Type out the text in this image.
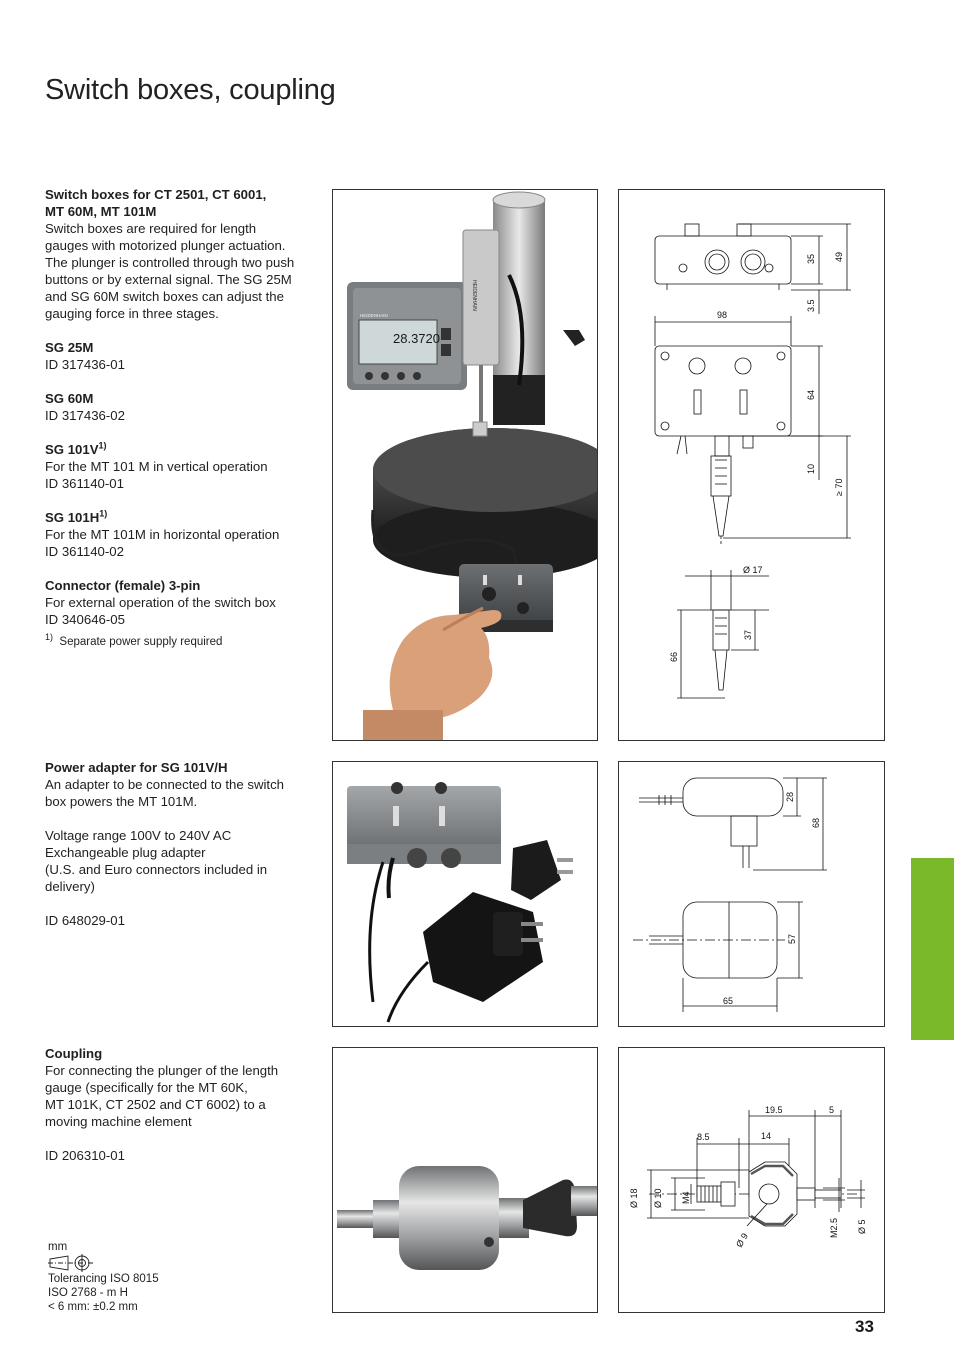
Switch boxes, coupling

Switch boxes for CT 2501, CT 6001,

MT 60M, MT 101M

Switch boxes are required for length

gauges with motorized plunger actuation.

The plunger is controlled through two push

buttons or by external signal. The SG 25M

and SG 60M switch boxes can adjust the

gauging force in three stages.

SG 25M

ID 317436-01

SG 60M

ID 317436-02

SG $101V^{1)}$

For the MT 101 M in vertical operation

ID 361140-01

SG $101H^{1)}$

For the MT 101M in horizontal operation

ID 361140-02

Connector (female) 3-pin

For external operation of the switch box

ID 340646-05

$^{1)}$ Separate power supply required

28.3720
HEIDENHAIN
HEIDENHAIN
35 49
3.5
98
64
10
≥ 70
Ø 17
37
66

Power adapter for SG 101V/H

An adapter to be connected to the switch

box powers the MT 101M.

Voltage range 100V to 240V AC

Exchangeable plug adapter

(U.S. and Euro connectors included in

delivery)

ID 648029-01

28
68
57
65

Coupling

For connecting the plunger of the length

gauge (specifically for the MT 60K,

MT 101K, CT 2502 and CT 6002) to a

moving machine element

ID 206310-01

19.5	5
8.5	14
Ø 18 Ø 10 M4
Ø 9
M2.5 Ø 5
mm
Tolerancing ISO 8015
ISO 2768 - m H
< 6 mm: ±0.2 mm
33
